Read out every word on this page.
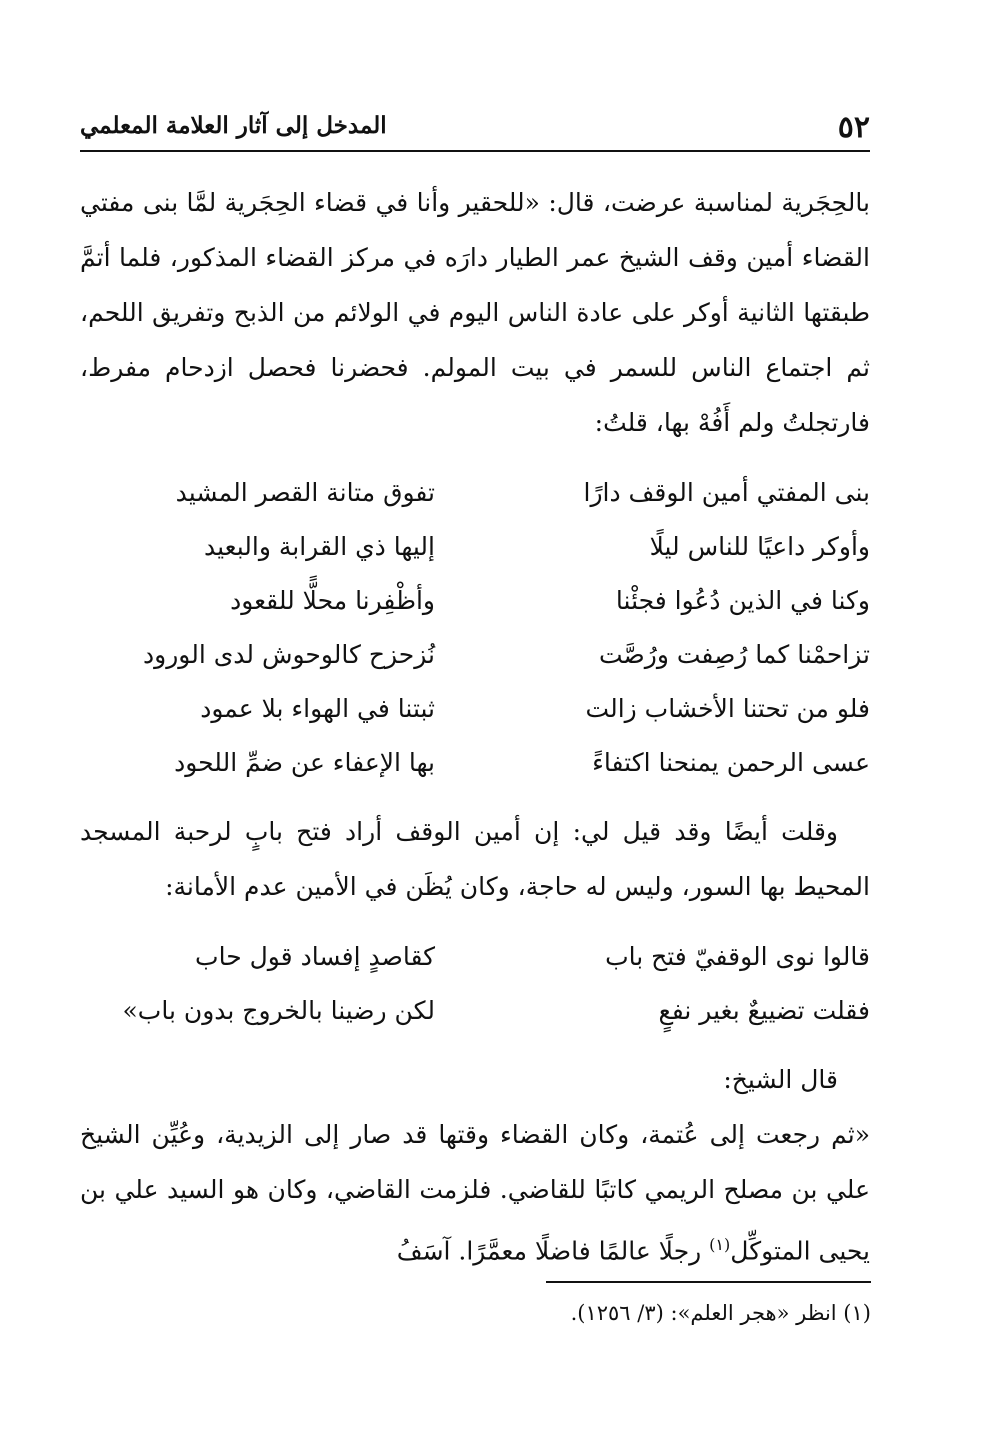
٥٢
المدخل إلى آثار العلامة المعلمي

بالحِجَرية لمناسبة عرضت، قال: «للحقير وأنا في قضاء الحِجَرية لمَّا بنى مفتي القضاء أمين وقف الشيخ عمر الطيار دارَه في مركز القضاء المذكور، فلما أتمَّ طبقتها الثانية أوكر على عادة الناس اليوم في الولائم من الذبح وتفريق اللحم، ثم اجتماع الناس للسمر في بيت المولم. فحضرنا فحصل ازدحام مفرط، فارتجلتُ ولم أَفُهْ بها، قلتُ:

بنى المفتي أمين الوقف دارًا
تفوق متانة القصر المشيد
وأوكر داعيًا للناس ليلًا
إليها ذي القرابة والبعيد
وكنا في الذين دُعُوا فجئْنا
وأظْفِرنا محلًّا للقعود
تزاحمْنا كما رُصِفت ورُصَّت
نُزحزح كالوحوش لدى الورود
فلو من تحتنا الأخشاب زالت
ثبتنا في الهواء بلا عمود
عسى الرحمن يمنحنا اكتفاءً
بها الإعفاء عن ضمِّ اللحود

وقلت أيضًا وقد قيل لي: إن أمين الوقف أراد فتح بابٍ لرحبة المسجد المحيط بها السور، وليس له حاجة، وكان يُظَن في الأمين عدم الأمانة:

قالوا نوى الوقفيّ فتح باب
كقاصدٍ إفساد قول حاب
فقلت تضييعٌ بغير نفعٍ
لكن رضينا بالخروج بدون باب»

قال الشيخ:

«ثم رجعت إلى عُتمة، وكان القضاء وقتها قد صار إلى الزيدية، وعُيِّن الشيخ علي بن مصلح الريمي كاتبًا للقاضي. فلزمت القاضي، وكان هو السيد علي بن يحيى المتوكِّل$^{(١)}$ رجلًا عالمًا فاضلًا معمَّرًا. آسَفُ

(١) انظر «هجر العلم»: (٣/ ١٢٥٦).
